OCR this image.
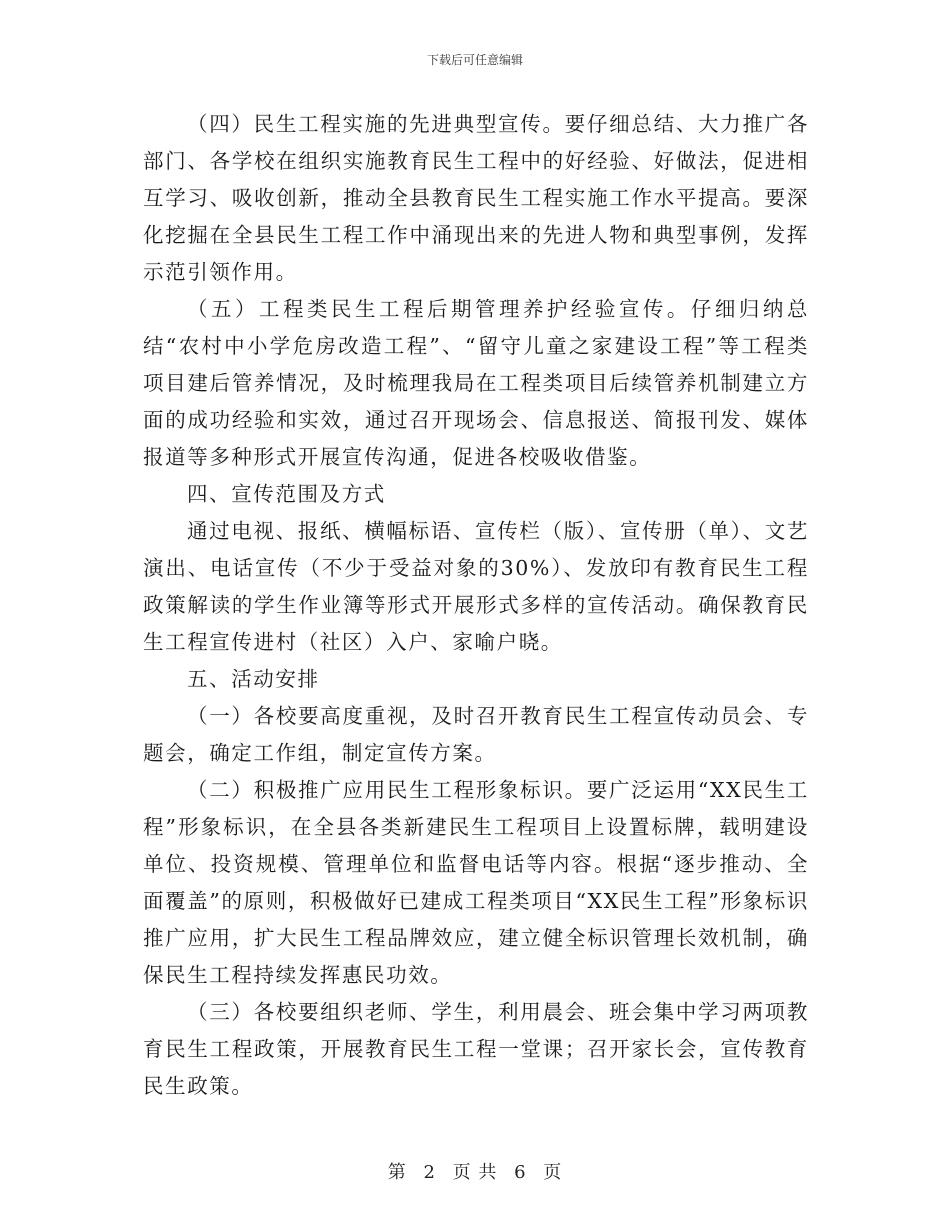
下载后可任意编辑

（四）民生工程实施的先进典型宣传。要仔细总结、大力推广各部门、各学校在组织实施教育民生工程中的好经验、好做法，促进相互学习、吸收创新，推动全县教育民生工程实施工作水平提高。要深化挖掘在全县民生工程工作中涌现出来的先进人物和典型事例，发挥示范引领作用。

（五）工程类民生工程后期管理养护经验宣传。仔细归纳总结“农村中小学危房改造工程”、“留守儿童之家建设工程”等工程类项目建后管养情况，及时梳理我局在工程类项目后续管养机制建立方面的成功经验和实效，通过召开现场会、信息报送、简报刊发、媒体报道等多种形式开展宣传沟通，促进各校吸收借鉴。

四、宣传范围及方式

通过电视、报纸、横幅标语、宣传栏（版）、宣传册（单）、文艺演出、电话宣传（不少于受益对象的30%）、发放印有教育民生工程政策解读的学生作业簿等形式开展形式多样的宣传活动。确保教育民生工程宣传进村（社区）入户、家喻户晓。

五、活动安排

（一）各校要高度重视，及时召开教育民生工程宣传动员会、专题会，确定工作组，制定宣传方案。

（二）积极推广应用民生工程形象标识。要广泛运用“XX民生工程”形象标识，在全县各类新建民生工程项目上设置标牌，载明建设单位、投资规模、管理单位和监督电话等内容。根据“逐步推动、全面覆盖”的原则，积极做好已建成工程类项目“XX民生工程”形象标识推广应用，扩大民生工程品牌效应，建立健全标识管理长效机制，确保民生工程持续发挥惠民功效。

（三）各校要组织老师、学生，利用晨会、班会集中学习两项教育民生工程政策，开展教育民生工程一堂课；召开家长会，宣传教育民生政策。

第 2 页 共 6 页
